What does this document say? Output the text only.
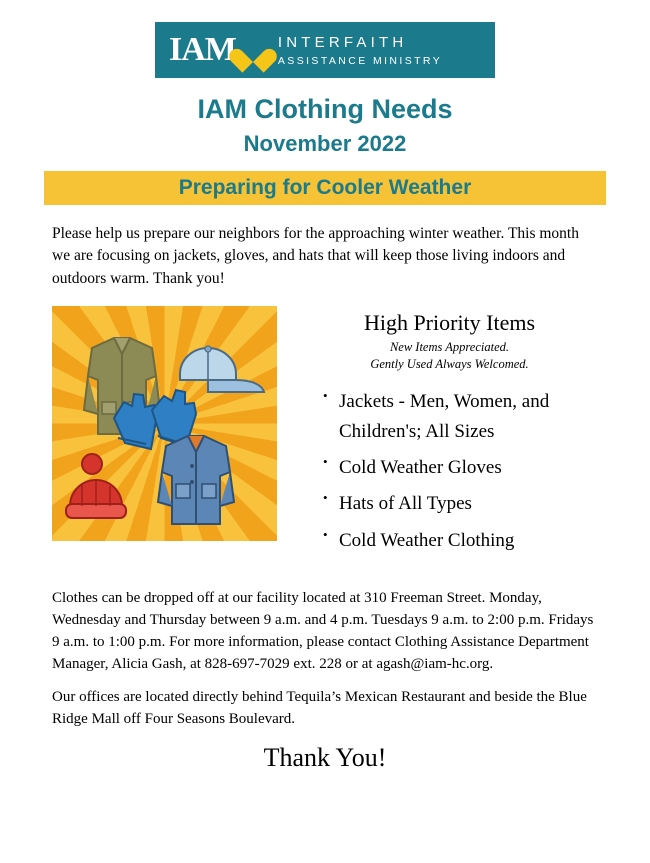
IAM	INTERFAITH
ASSISTANCE MINISTRY
IAM Clothing Needs
November 2022
Preparing for Cooler Weather

Please help us prepare our neighbors for the approaching winter weather. This month we are focusing on jackets, gloves, and hats that will keep those living indoors and outdoors warm. Thank you!

High Priority Items
New Items Appreciated.
Gently Used Always Welcomed.
• Jackets - Men, Women, and Children's; All Sizes
• Cold Weather Gloves
• Hats of All Types
• Cold Weather Clothing

Clothes can be dropped off at our facility located at 310 Freeman Street. Monday, Wednesday and Thursday between 9 a.m. and 4 p.m. Tuesdays 9 a.m. to 2:00 p.m. Fridays 9 a.m. to 1:00 p.m. For more information, please contact Clothing Assistance Department Manager, Alicia Gash, at 828-697-7029 ext. 228 or at agash@iam-hc.org.

Our offices are located directly behind Tequila’s Mexican Restaurant and beside the Blue Ridge Mall off Four Seasons Boulevard.

Thank You!
